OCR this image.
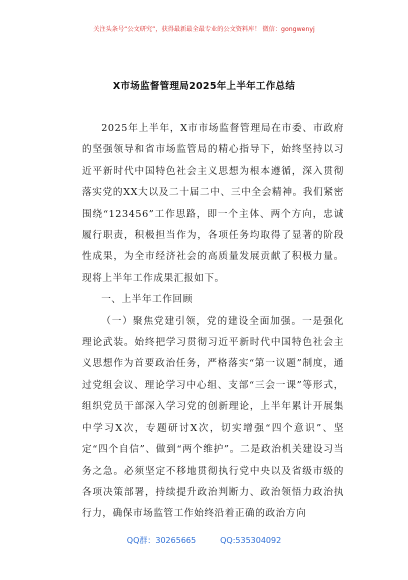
关注头条号“公文研究”，获得最新最全最专业的公文资料库！ 微信：gongwenyj
X市场监督管理局2025年上半年工作总结

2025年上半年，X市市场监督管理局在市委、市政府的坚强领导和省市场监管局的精心指导下，始终坚持以习近平新时代中国特色社会主义思想为根本遵循，深入贯彻落实党的XX大以及二十届二中、三中全会精神。我们紧密围绕“123456”工作思路，即一个主体、两个方向，忠诚履行职责，积极担当作为，各项任务均取得了显著的阶段性成果，为全市经济社会的高质量发展贡献了积极力量。现将上半年工作成果汇报如下。

一、上半年工作回顾

（一）聚焦党建引领，党的建设全面加强。一是强化理论武装。始终把学习贯彻习近平新时代中国特色社会主义思想作为首要政治任务，严格落实“第一议题”制度，通过党组会议、理论学习中心组、支部“三会一课”等形式，组织党员干部深入学习党的创新理论，上半年累计开展集中学习X次，专题研讨X次，切实增强“四个意识”、坚定“四个自信”、做到“两个维护”。二是政治机关建设习当务之急。必须坚定不移地贯彻执行党中央以及省级市级的各项决策部署，持续提升政治判断力、政治领悟力政治执行力，确保市场监管工作始终沿着正确的政治方向

QQ群：30265665	QQ:535304092
